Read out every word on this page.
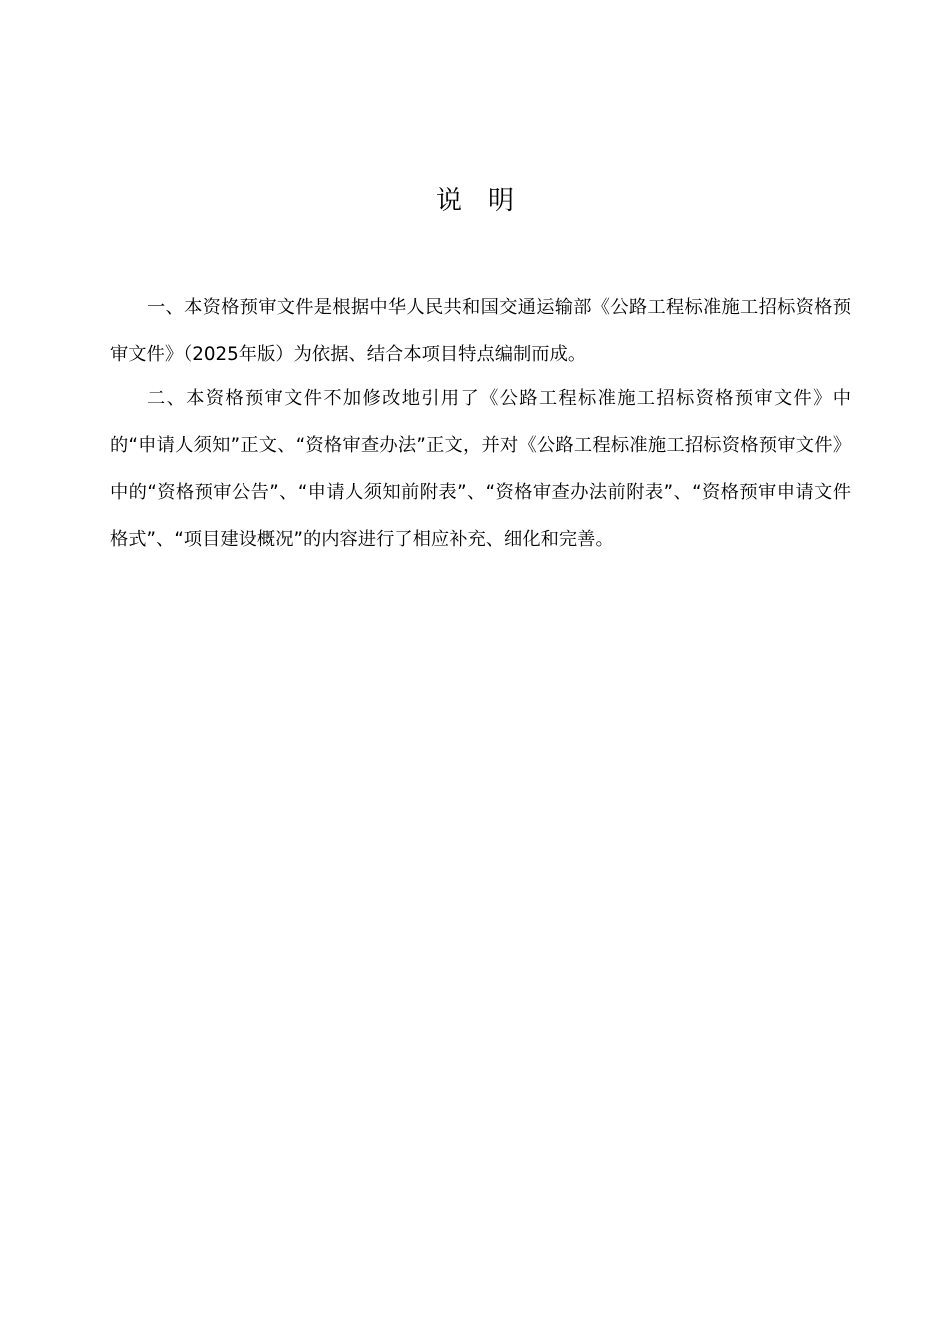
说明

一、本资格预审文件是根据中华人民共和国交通运输部《公路工程标准施工招标资格预审文件》（2025年版）为依据、结合本项目特点编制而成。

二、本资格预审文件不加修改地引用了《公路工程标准施工招标资格预审文件》中的“申请人须知”正文、“资格审查办法”正文，并对《公路工程标准施工招标资格预审文件》中的“资格预审公告”、“申请人须知前附表”、“资格审查办法前附表”、“资格预审申请文件格式”、“项目建设概况”的内容进行了相应补充、细化和完善。
